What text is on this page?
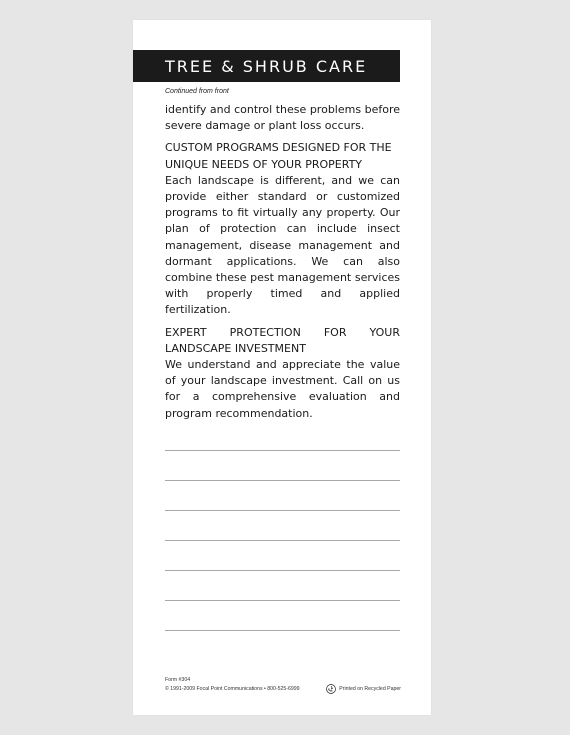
TREE & SHRUB CARE
Continued from front

identify and control these problems before severe damage or plant loss occurs.

CUSTOM PROGRAMS DESIGNED FOR THE UNIQUE NEEDS OF YOUR PROPERTY

Each landscape is different, and we can provide either standard or customized programs to fit virtually any property. Our plan of protection can include insect management, disease management and dormant applications. We can also combine these pest management services with properly timed and applied fertilization.

EXPERT PROTECTION FOR YOUR LANDSCAPE INVESTMENT

We understand and appreciate the value of your landscape investment. Call on us for a comprehensive evaluation and program recommendation.

Form #304
© 1991-2009 Focal Point Communications • 800-525-6999	Printed on Recycled Paper
